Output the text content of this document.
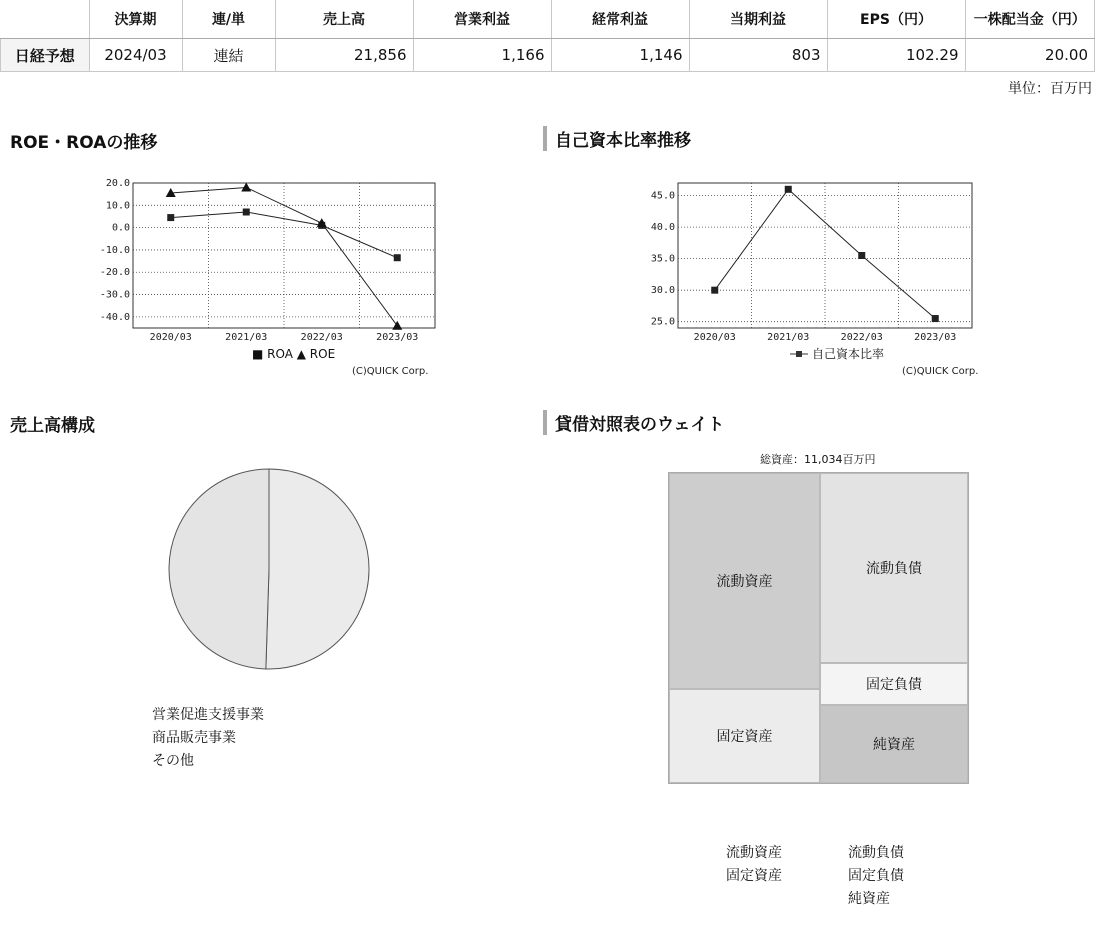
	決算期	連/単	売上高	営業利益	経常利益	当期利益	EPS（円）	一株配当金（円）
日経予想	2024/03	連結	21,856	1,166	1,146	803	102.29	20.00
単位：百万円
ROE・ROAの推移	自己資本比率推移
売上高構成	貸借対照表のウェイト
20.0
10.0
0.0
-10.0
-20.0
-30.0
-40.0
2020/03	2021/03	2022/03	2023/03
■ ROA ▲ ROE
(C)QUICK Corp.
45.0
40.0
35.0
30.0
25.0
2020/03	2021/03	2022/03	2023/03
自己資本比率
(C)QUICK Corp.
営業促進支援事業
商品販売事業
その他
総資産：11,034百万円
流動資産
固定資産
流動負債
固定負債
純資産
流動資産
固定資産
流動負債
固定負債
純資産
